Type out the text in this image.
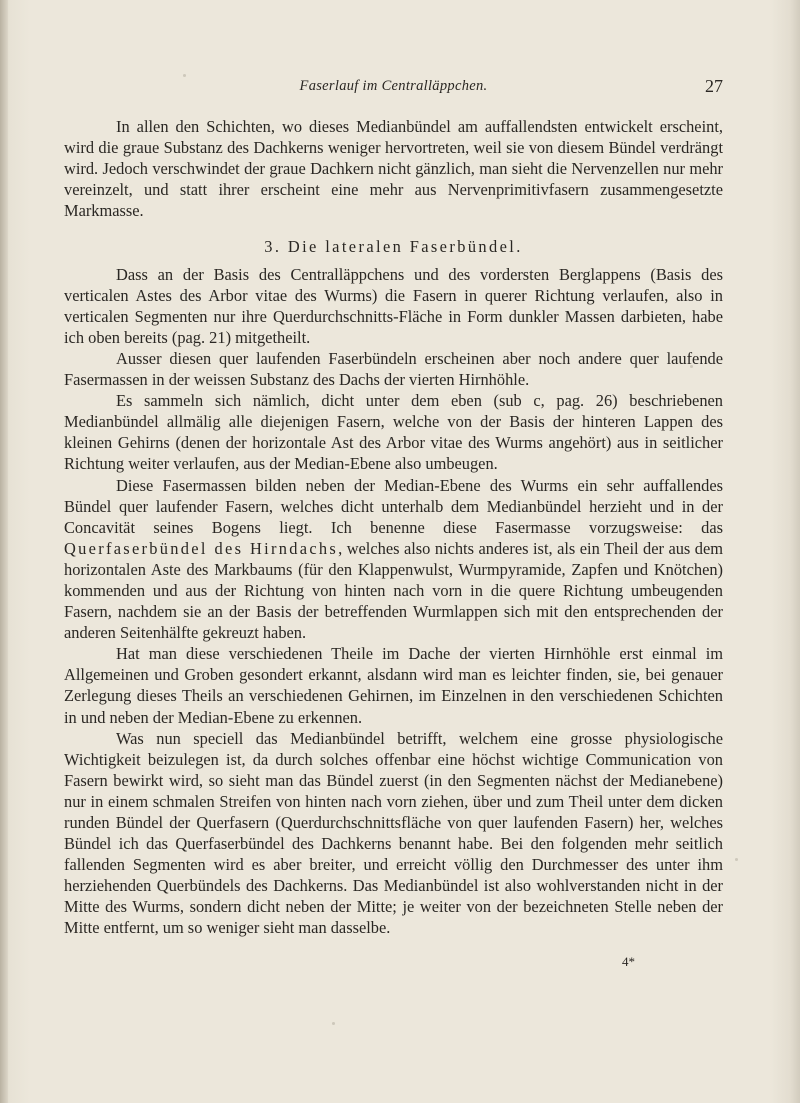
Faserlauf im Centralläppchen.	27

In allen den Schichten, wo dieses Medianbündel am auffallendsten entwickelt erscheint, wird die graue Substanz des Dachkerns weniger hervortreten, weil sie von diesem Bündel verdrängt wird. Jedoch verschwindet der graue Dachkern nicht gänzlich, man sieht die Nervenzellen nur mehr vereinzelt, und statt ihrer erscheint eine mehr aus Nervenprimitivfasern zusammengesetzte Markmasse.

3. Die lateralen Faserbündel.

Dass an der Basis des Centralläppchens und des vordersten Berglappens (Basis des verticalen Astes des Arbor vitae des Wurms) die Fasern in querer Richtung verlaufen, also in verticalen Segmenten nur ihre Querdurchschnitts-Fläche in Form dunkler Massen darbieten, habe ich oben bereits (pag. 21) mitgetheilt.

Ausser diesen quer laufenden Faserbündeln erscheinen aber noch andere quer laufende Fasermassen in der weissen Substanz des Dachs der vierten Hirnhöhle.

Es sammeln sich nämlich, dicht unter dem eben (sub c, pag. 26) beschriebenen Medianbündel allmälig alle diejenigen Fasern, welche von der Basis der hinteren Lappen des kleinen Gehirns (denen der horizontale Ast des Arbor vitae des Wurms angehört) aus in seitlicher Richtung weiter verlaufen, aus der Median-Ebene also umbeugen.

Diese Fasermassen bilden neben der Median-Ebene des Wurms ein sehr auffallendes Bündel quer laufender Fasern, welches dicht unterhalb dem Medianbündel herzieht und in der Concavität seines Bogens liegt. Ich benenne diese Fasermasse vorzugsweise: das Querfaserbündel des Hirndachs, welches also nichts anderes ist, als ein Theil der aus dem horizontalen Aste des Markbaums (für den Klappenwulst, Wurmpyramide, Zapfen und Knötchen) kommenden und aus der Richtung von hinten nach vorn in die quere Richtung umbeugenden Fasern, nachdem sie an der Basis der betreffenden Wurmlappen sich mit den entsprechenden der anderen Seitenhälfte gekreuzt haben.

Hat man diese verschiedenen Theile im Dache der vierten Hirnhöhle erst einmal im Allgemeinen und Groben gesondert erkannt, alsdann wird man es leichter finden, sie, bei genauer Zerlegung dieses Theils an verschiedenen Gehirnen, im Einzelnen in den verschiedenen Schichten in und neben der Median-Ebene zu erkennen.

Was nun speciell das Medianbündel betrifft, welchem eine grosse physiologische Wichtigkeit beizulegen ist, da durch solches offenbar eine höchst wichtige Communication von Fasern bewirkt wird, so sieht man das Bündel zuerst (in den Segmenten nächst der Medianebene) nur in einem schmalen Streifen von hinten nach vorn ziehen, über und zum Theil unter dem dicken runden Bündel der Querfasern (Querdurchschnittsfläche von quer laufenden Fasern) her, welches Bündel ich das Querfaserbündel des Dachkerns benannt habe. Bei den folgenden mehr seitlich fallenden Segmenten wird es aber breiter, und erreicht völlig den Durchmesser des unter ihm herziehenden Querbündels des Dachkerns. Das Medianbündel ist also wohlverstanden nicht in der Mitte des Wurms, sondern dicht neben der Mitte; je weiter von der bezeichneten Stelle neben der Mitte entfernt, um so weniger sieht man dasselbe.

4*
